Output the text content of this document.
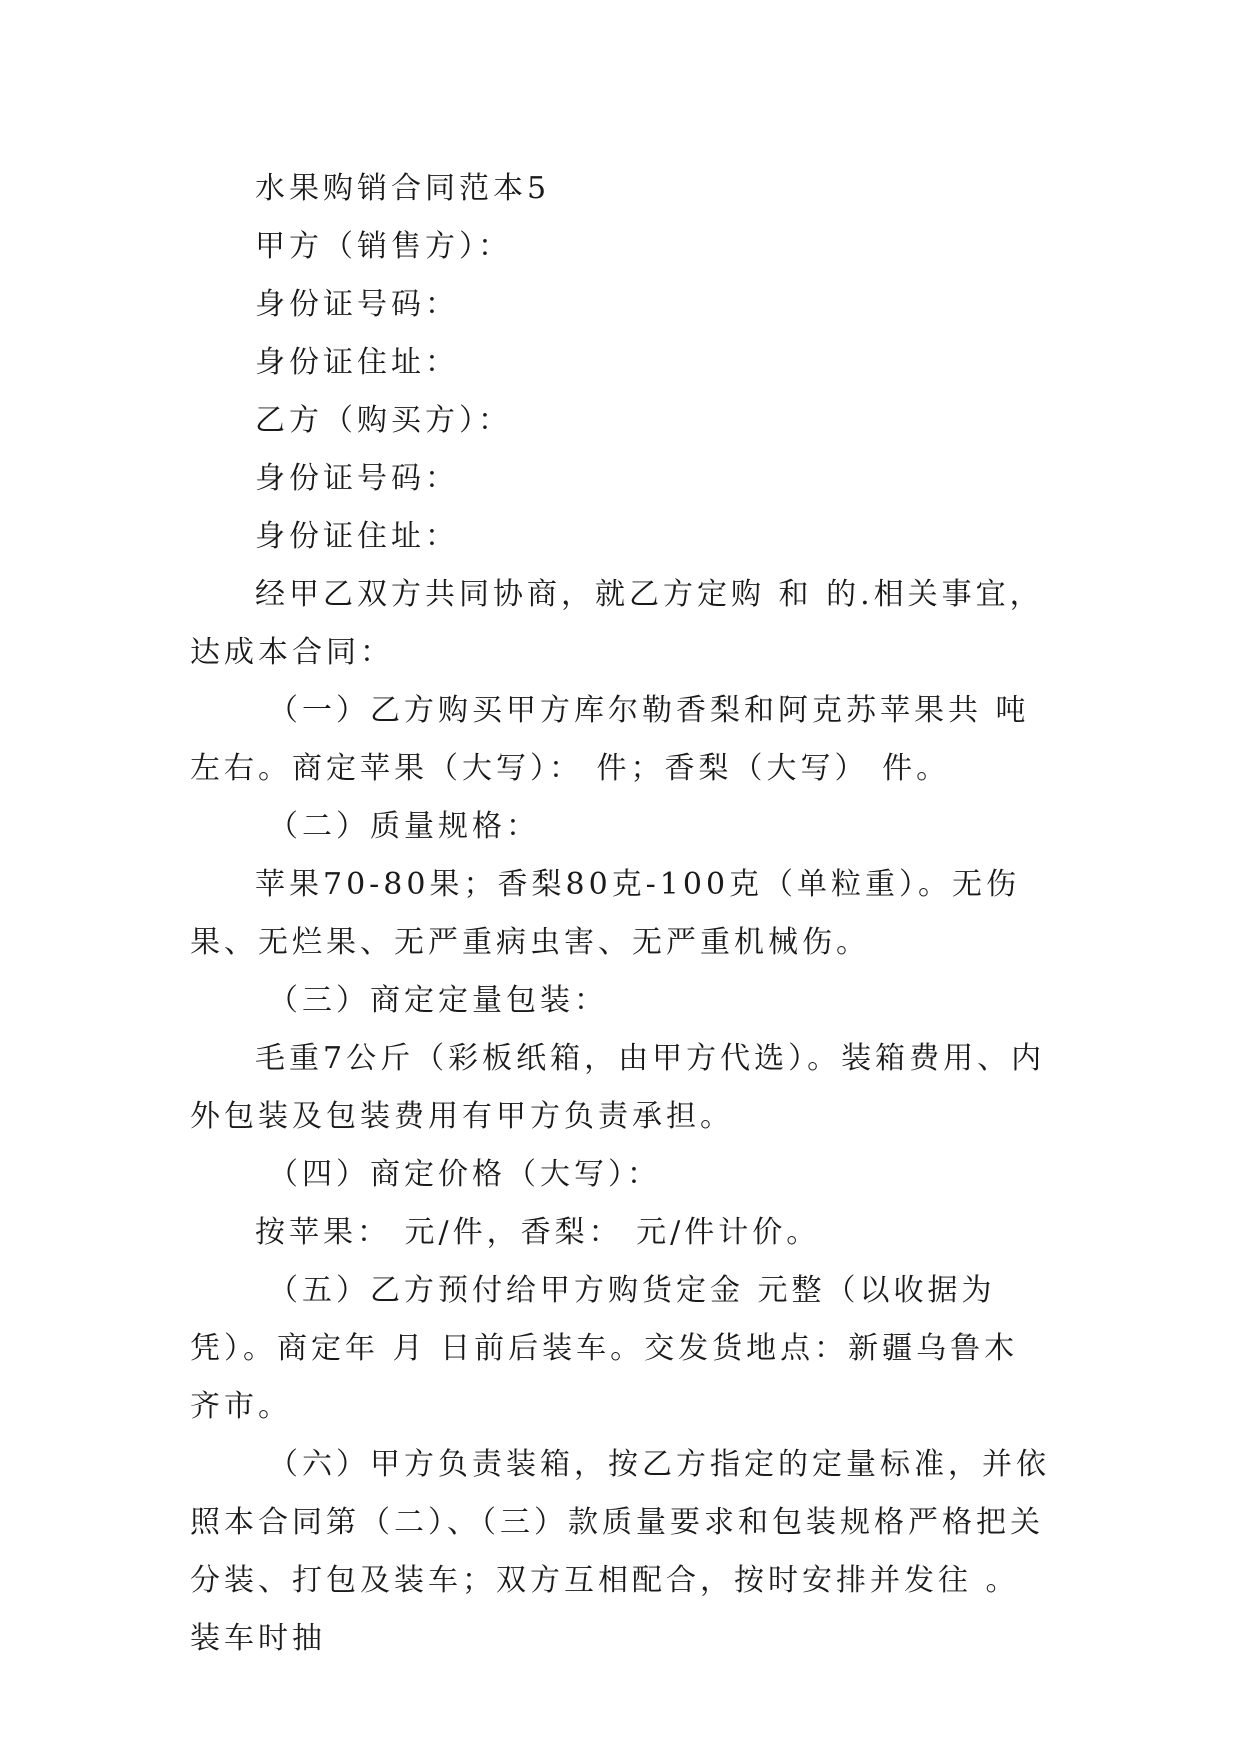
水果购销合同范本5

甲方（销售方）：

身份证号码：

身份证住址：

乙方（购买方）：

身份证号码：

身份证住址：

经甲乙双方共同协商，就乙方定购 和 的.相关事宜，达成本合同：

（一）乙方购买甲方库尔勒香梨和阿克苏苹果共 吨左右。商定苹果（大写）： 件；香梨（大写） 件。

（二）质量规格：

苹果70-80果；香梨80克-100克（单粒重）。无伤果、无烂果、无严重病虫害、无严重机械伤。

（三）商定定量包装：

毛重7公斤（彩板纸箱，由甲方代选）。装箱费用、内外包装及包装费用有甲方负责承担。

（四）商定价格（大写）：

按苹果： 元/件，香梨： 元/件计价。

（五）乙方预付给甲方购货定金 元整（以收据为凭）。商定年 月 日前后装车。交发货地点：新疆乌鲁木齐市。

（六）甲方负责装箱，按乙方指定的定量标准，并依照本合同第（二）、（三）款质量要求和包装规格严格把关分装、打包及装车；双方互相配合，按时安排并发往 。装车时抽
